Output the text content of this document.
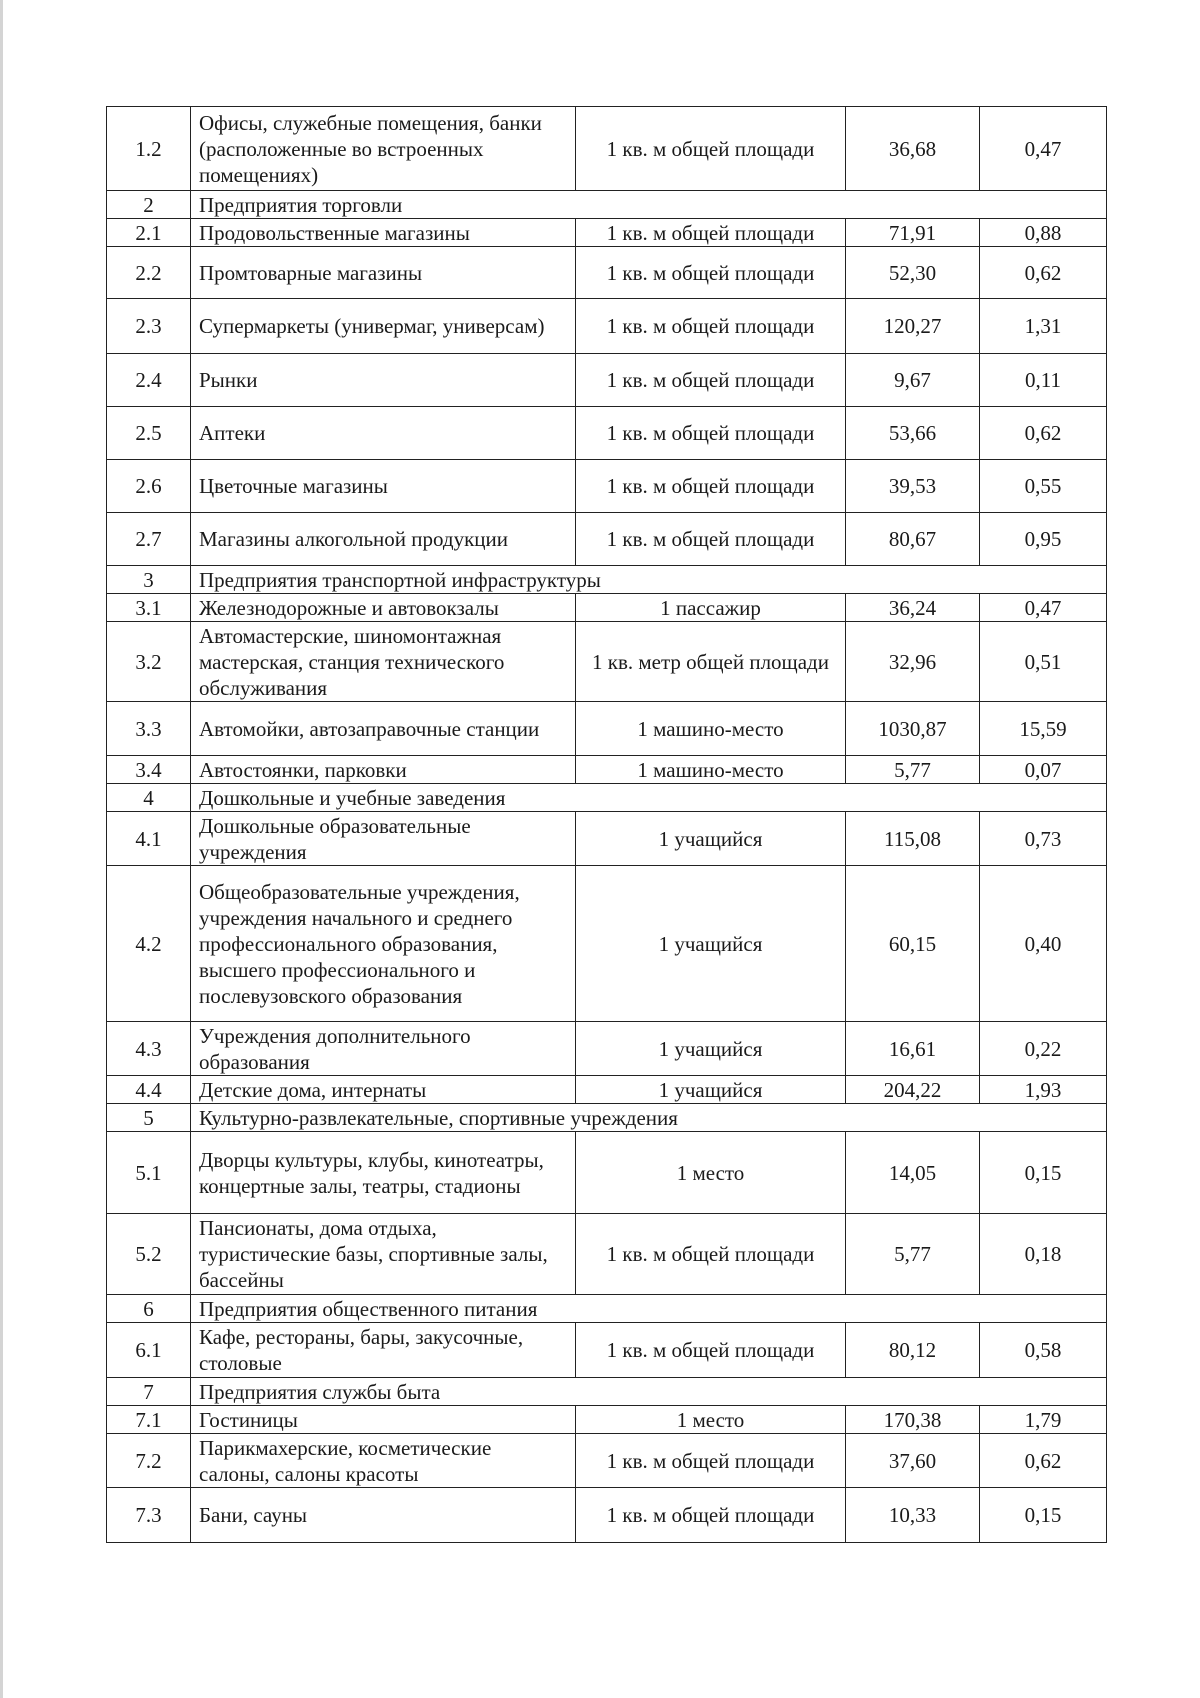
1.2	Офисы, служебные помещения, банки (расположенные во встроенных помещениях)	1 кв. м общей площади	36,68	0,47
2	Предприятия торговли			
2.1	Продовольственные магазины	1 кв. м общей площади	71,91	0,88
2.2	Промтоварные магазины	1 кв. м общей площади	52,30	0,62
2.3	Супермаркеты (универмаг, универсам)	1 кв. м общей площади	120,27	1,31
2.4	Рынки	1 кв. м общей площади	9,67	0,11
2.5	Аптеки	1 кв. м общей площади	53,66	0,62
2.6	Цветочные магазины	1 кв. м общей площади	39,53	0,55
2.7	Магазины алкогольной продукции	1 кв. м общей площади	80,67	0,95
3	Предприятия транспортной инфраструктуры			
3.1	Железнодорожные и автовокзалы	1 пассажир	36,24	0,47
3.2	Автомастерские, шиномонтажная мастерская, станция технического обслуживания	1 кв. метр общей площади	32,96	0,51
3.3	Автомойки, автозаправочные станции	1 машино-место	1030,87	15,59
3.4	Автостоянки, парковки	1 машино-место	5,77	0,07
4	Дошкольные и учебные заведения			
4.1	Дошкольные образовательные учреждения	1 учащийся	115,08	0,73
4.2	Общеобразовательные учреждения, учреждения начального и среднего профессионального образования, высшего профессионального и послевузовского образования	1 учащийся	60,15	0,40
4.3	Учреждения дополнительного образования	1 учащийся	16,61	0,22
4.4	Детские дома, интернаты	1 учащийся	204,22	1,93
5	Культурно-развлекательные, спортивные учреждения			
5.1	Дворцы культуры, клубы, кинотеатры, концертные залы, театры, стадионы	1 место	14,05	0,15
5.2	Пансионаты, дома отдыха, туристические базы, спортивные залы, бассейны	1 кв. м общей площади	5,77	0,18
6	Предприятия общественного питания			
6.1	Кафе, рестораны, бары, закусочные, столовые	1 кв. м общей площади	80,12	0,58
7	Предприятия службы быта			
7.1	Гостиницы	1 место	170,38	1,79
7.2	Парикмахерские, косметические салоны, салоны красоты	1 кв. м общей площади	37,60	0,62
7.3	Бани, сауны	1 кв. м общей площади	10,33	0,15
